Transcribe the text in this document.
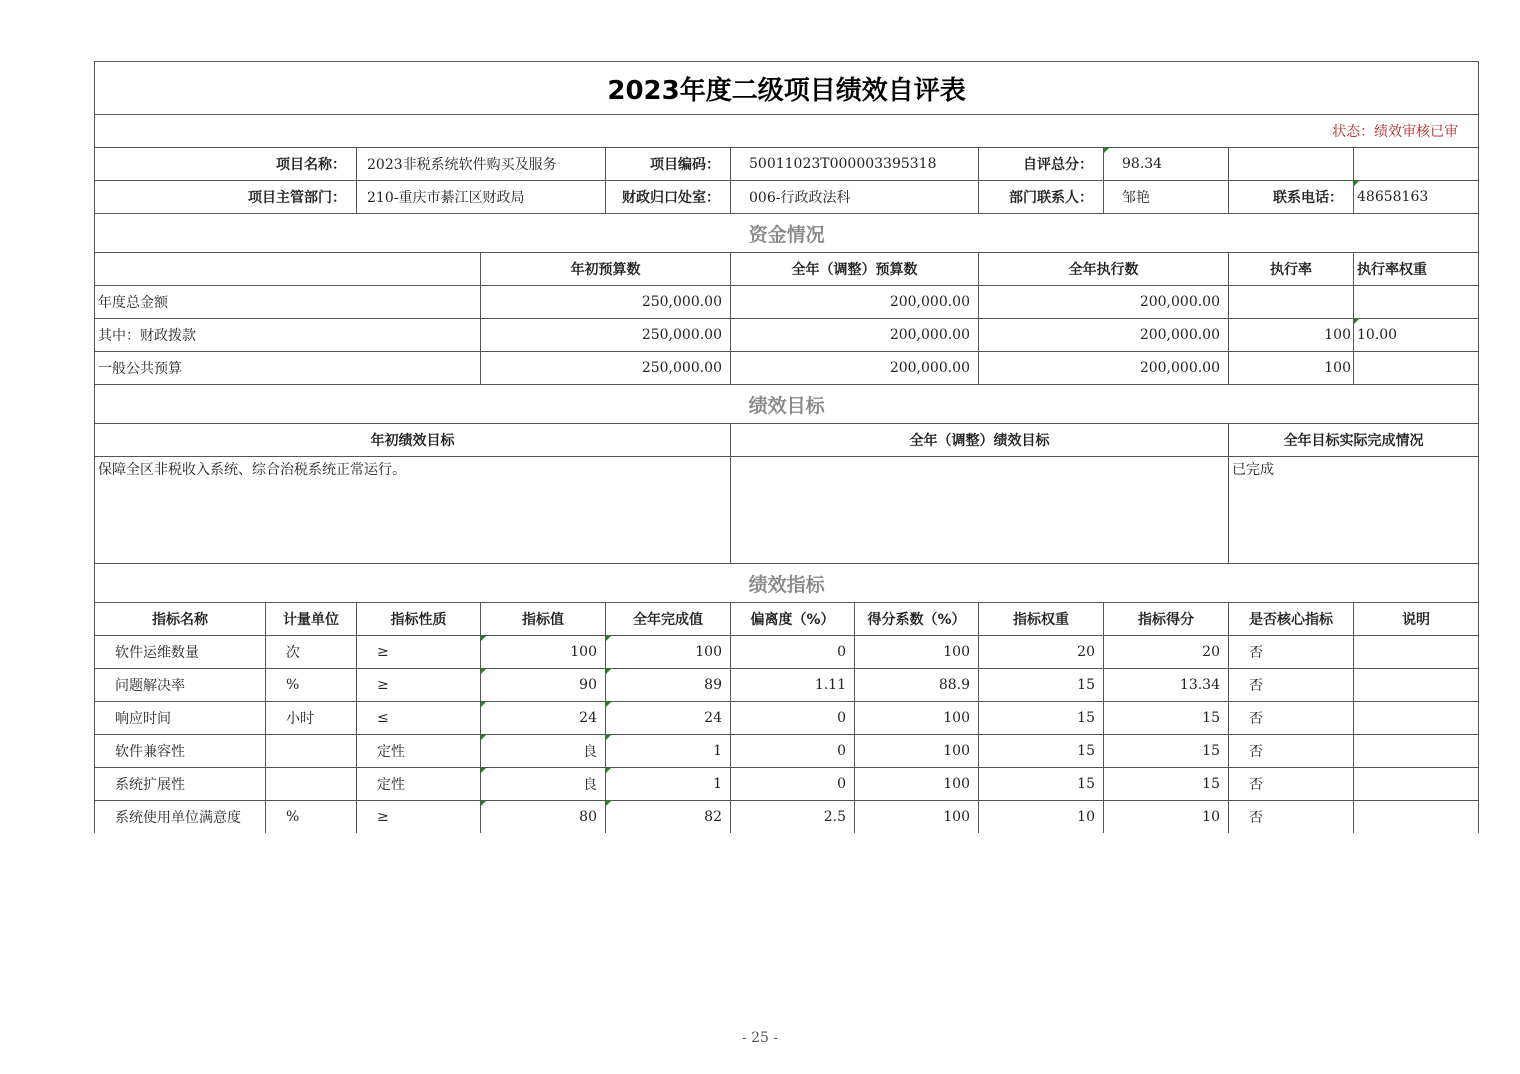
2023年度二级项目绩效自评表											
状态：绩效审核已审											
项目名称：		2023非税系统软件购买及服务		项目编码：	50011023T000003395318		自评总分：	98.34			
项目主管部门：		210-重庆市綦江区财政局		财政归口处室：	006-行政政法科		部门联系人：	邹艳	联系电话：	48658163	
资金情况											
			年初预算数		全年（调整）预算数		全年执行数		执行率	执行率权重	
年度总金额			250,000.00		200,000.00		200,000.00				
其中：财政拨款			250,000.00		200,000.00		200,000.00		100	10.00	
一般公共预算			250,000.00		200,000.00		200,000.00		100		
绩效目标											
年初绩效目标					全年（调整）绩效目标				全年目标实际完成情况		
保障全区非税收入系统、综合治税系统正常运行。									已完成		
绩效指标											
指标名称	计量单位	指标性质	指标值	全年完成值	偏离度（%）	得分系数（%）	指标权重	指标得分	是否核心指标	说明	
软件运维数量	次	≥	100	100	0	100	20	20	否		
问题解决率	%	≥	90	89	1.11	88.9	15	13.34	否		
响应时间	小时	≤	24	24	0	100	15	15	否		
软件兼容性		定性	良	1	0	100	15	15	否		
系统扩展性		定性	良	1	0	100	15	15	否		
系统使用单位满意度	%	≥	80	82	2.5	100	10	10	否		
- 25 -
